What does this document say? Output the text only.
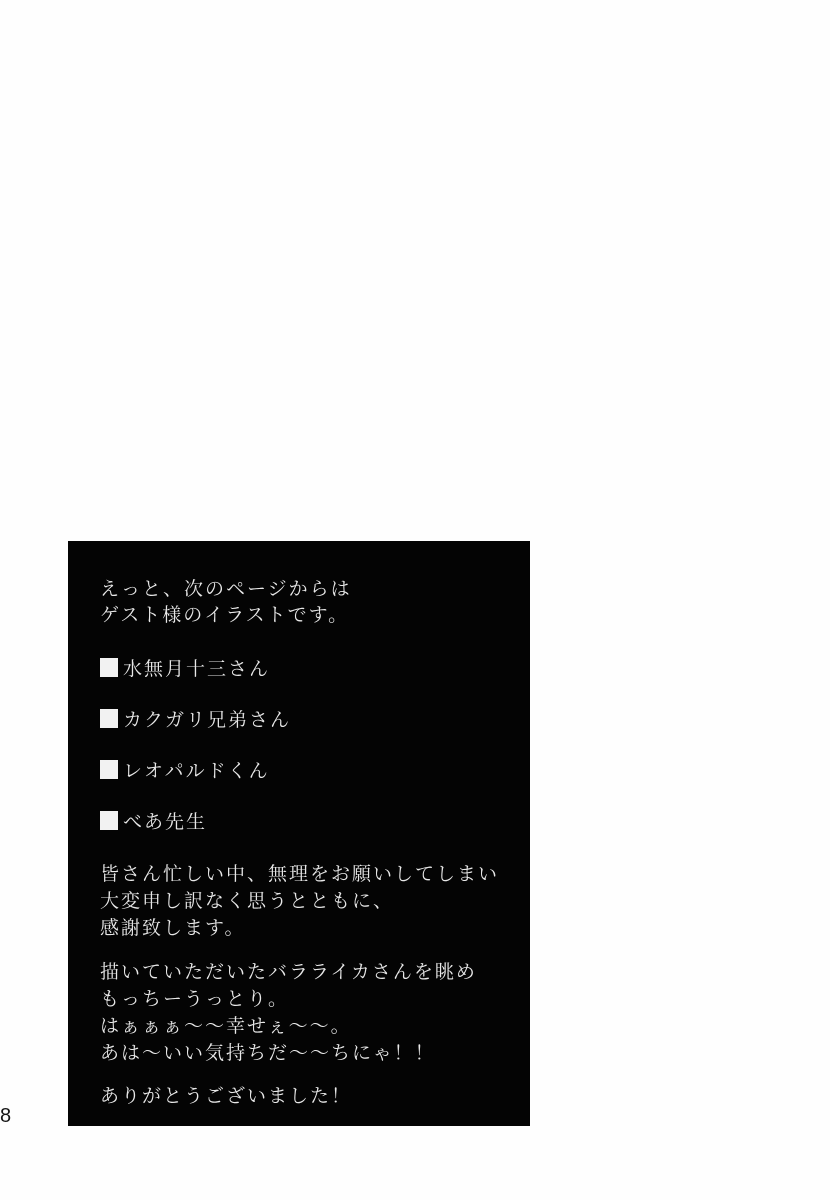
えっと、次のページからは

ゲスト様のイラストです。

水無月十三さん
カクガリ兄弟さん
レオパルドくん
べあ先生

皆さん忙しい中、無理をお願いしてしまい

大変申し訳なく思うとともに、

感謝致します。

描いていただいたバラライカさんを眺め

もっちーうっとり。

はぁぁぁ～～幸せぇ～～。

あは～いい気持ちだ～～ちにゃ！！

ありがとうございました！

8
